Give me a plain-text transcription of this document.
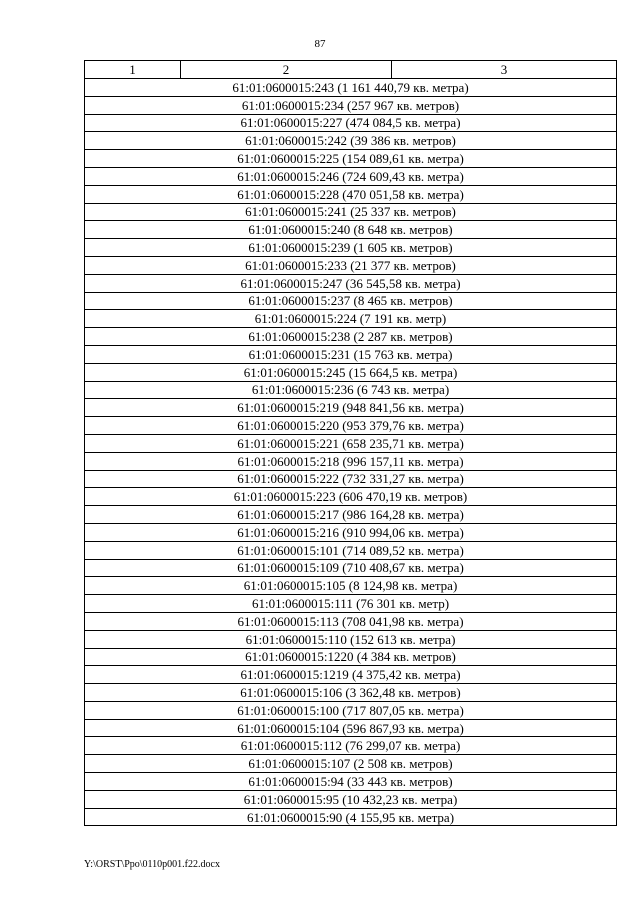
87
1	2	3
61:01:0600015:243 (1 161 440,79 кв. метра)
61:01:0600015:234 (257 967 кв. метров)
61:01:0600015:227 (474 084,5 кв. метра)
61:01:0600015:242 (39 386 кв. метров)
61:01:0600015:225 (154 089,61 кв. метра)
61:01:0600015:246 (724 609,43 кв. метра)
61:01:0600015:228 (470 051,58 кв. метра)
61:01:0600015:241 (25 337 кв. метров)
61:01:0600015:240 (8 648 кв. метров)
61:01:0600015:239 (1 605 кв. метров)
61:01:0600015:233 (21 377 кв. метров)
61:01:0600015:247 (36 545,58 кв. метра)
61:01:0600015:237 (8 465 кв. метров)
61:01:0600015:224 (7 191 кв. метр)
61:01:0600015:238 (2 287 кв. метров)
61:01:0600015:231 (15 763 кв. метра)
61:01:0600015:245 (15 664,5 кв. метра)
61:01:0600015:236 (6 743 кв. метра)
61:01:0600015:219 (948 841,56 кв. метра)
61:01:0600015:220 (953 379,76 кв. метра)
61:01:0600015:221 (658 235,71 кв. метра)
61:01:0600015:218 (996 157,11 кв. метра)
61:01:0600015:222 (732 331,27 кв. метра)
61:01:0600015:223 (606 470,19 кв. метров)
61:01:0600015:217 (986 164,28 кв. метра)
61:01:0600015:216 (910 994,06 кв. метра)
61:01:0600015:101 (714 089,52 кв. метра)
61:01:0600015:109 (710 408,67 кв. метра)
61:01:0600015:105 (8 124,98 кв. метра)
61:01:0600015:111 (76 301 кв. метр)
61:01:0600015:113 (708 041,98 кв. метра)
61:01:0600015:110 (152 613 кв. метра)
61:01:0600015:1220 (4 384 кв. метров)
61:01:0600015:1219 (4 375,42 кв. метра)
61:01:0600015:106 (3 362,48 кв. метров)
61:01:0600015:100 (717 807,05 кв. метра)
61:01:0600015:104 (596 867,93 кв. метра)
61:01:0600015:112 (76 299,07 кв. метра)
61:01:0600015:107 (2 508 кв. метров)
61:01:0600015:94 (33 443 кв. метров)
61:01:0600015:95 (10 432,23 кв. метра)
61:01:0600015:90 (4 155,95 кв. метра)
Y:\ORST\Ppo\0110p001.f22.docx
